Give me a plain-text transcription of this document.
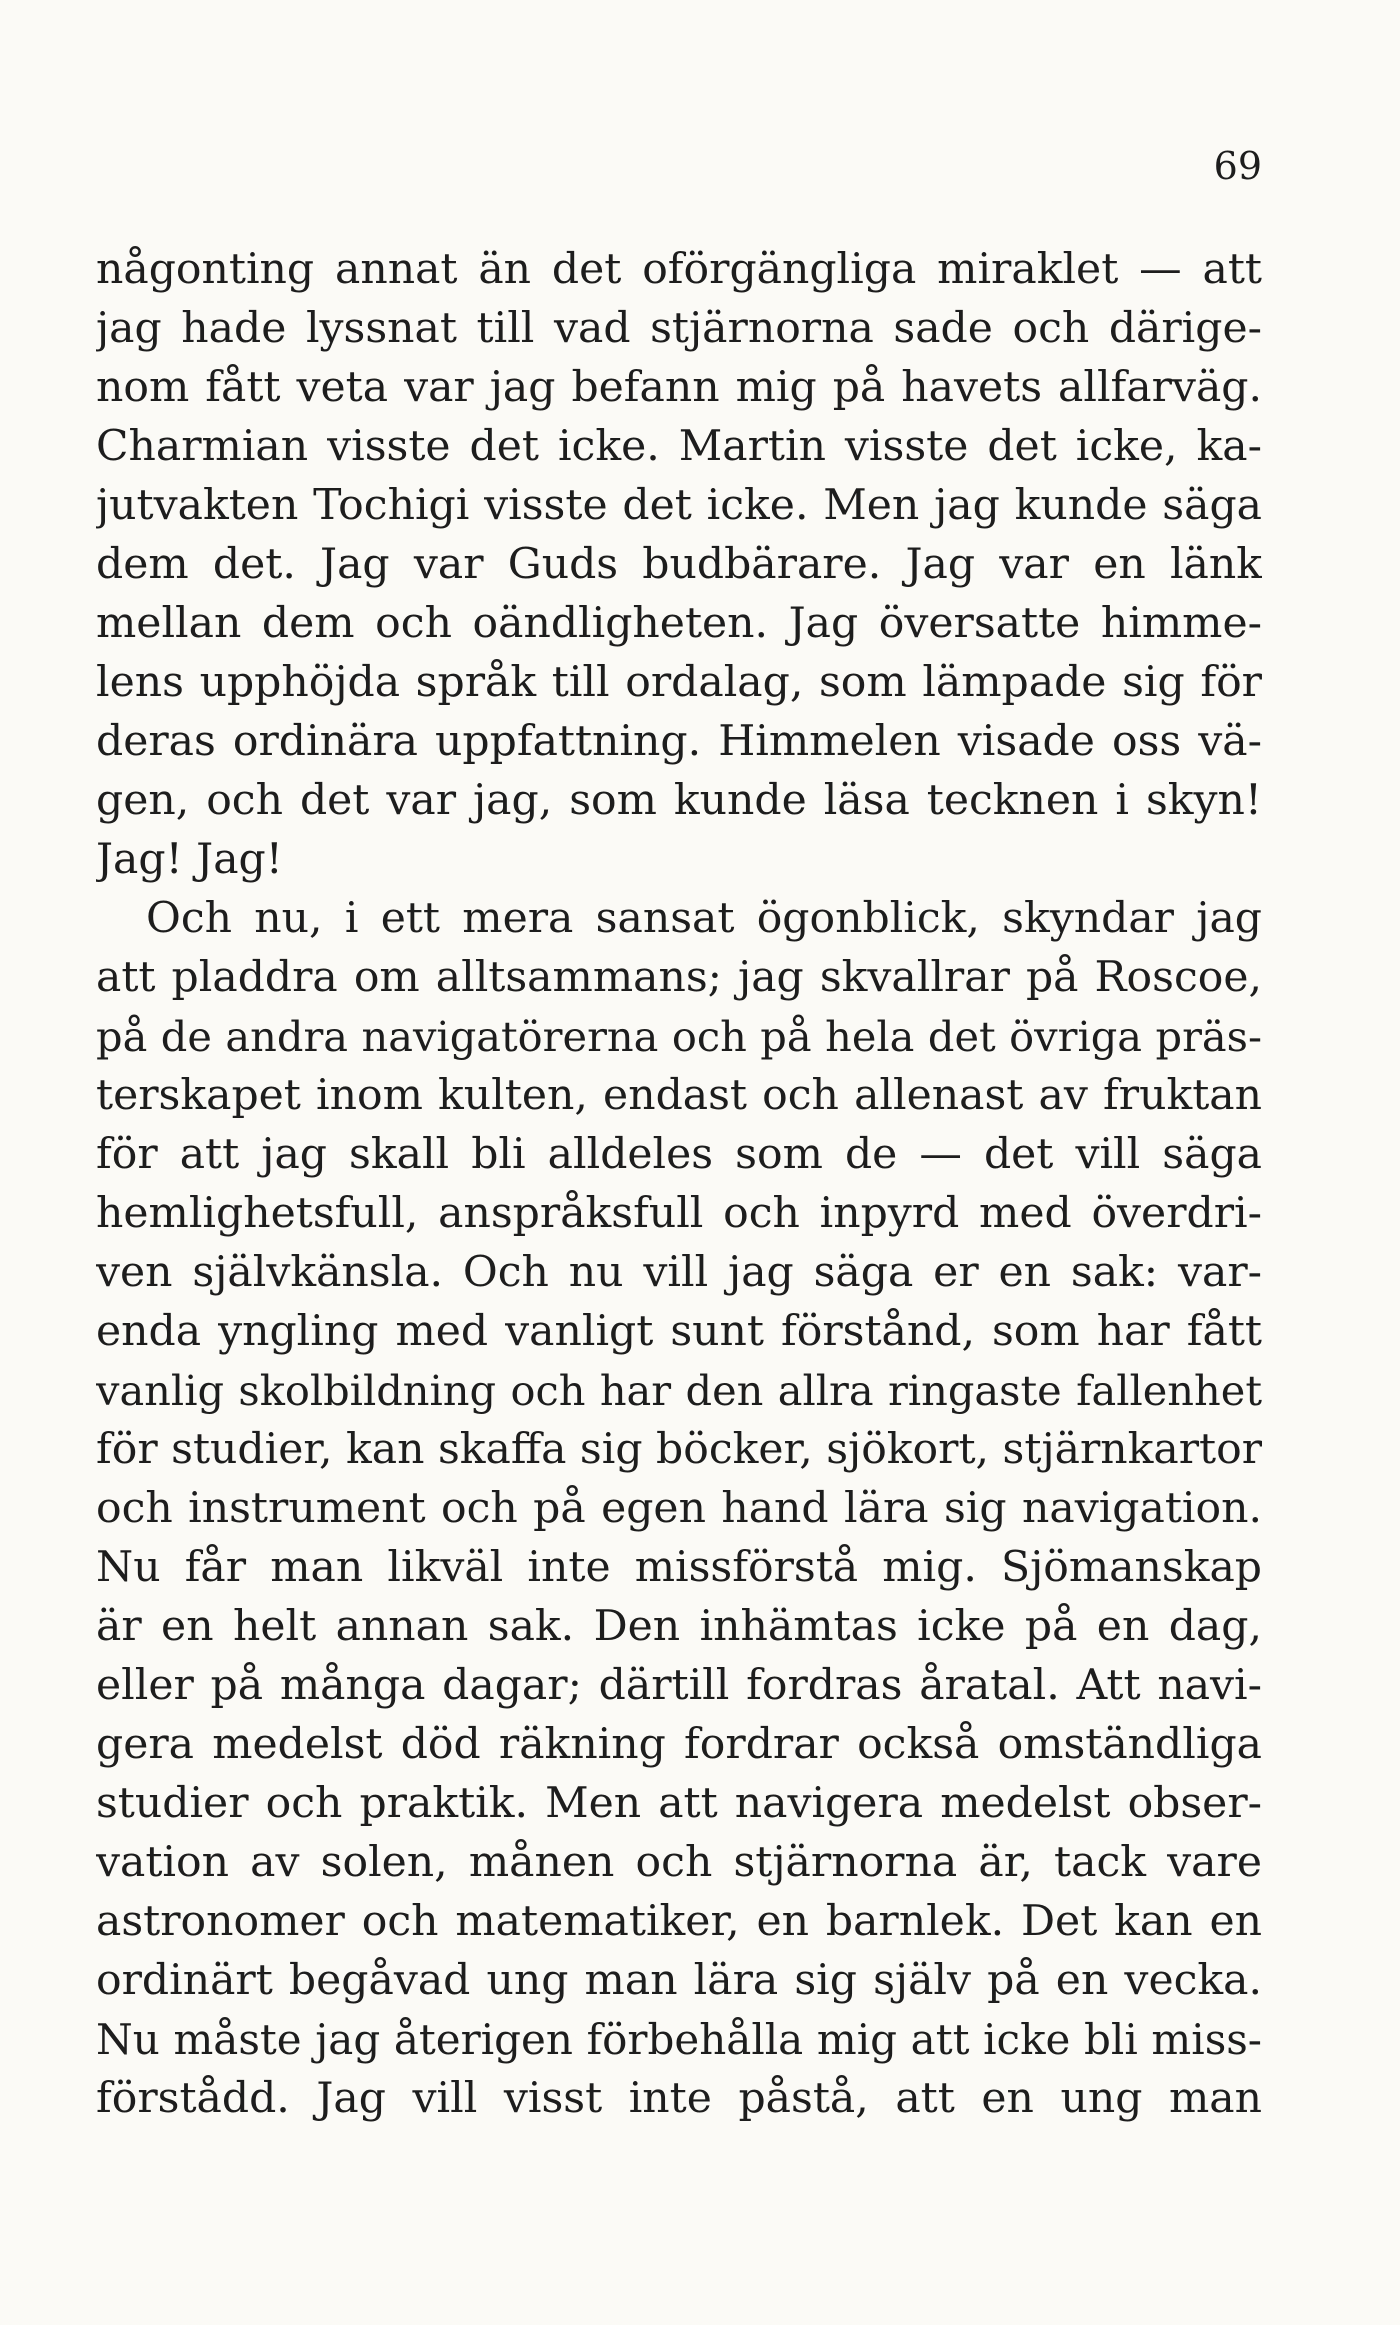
69
någonting annat än det oförgängliga miraklet — att
jag hade lyssnat till vad stjärnorna sade och därige-
nom fått veta var jag befann mig på havets allfarväg.
Charmian visste det icke. Martin visste det icke, ka-
jutvakten Tochigi visste det icke. Men jag kunde säga
dem det. Jag var Guds budbärare. Jag var en länk
mellan dem och oändligheten. Jag översatte himme-
lens upphöjda språk till ordalag, som lämpade sig för
deras ordinära uppfattning. Himmelen visade oss vä-
gen, och det var jag, som kunde läsa tecknen i skyn!
Jag! Jag!
Och nu, i ett mera sansat ögonblick, skyndar jag
att pladdra om alltsammans; jag skvallrar på Roscoe,
på de andra navigatörerna och på hela det övriga präs-
terskapet inom kulten, endast och allenast av fruktan
för att jag skall bli alldeles som de — det vill säga
hemlighetsfull, anspråksfull och inpyrd med överdri-
ven självkänsla. Och nu vill jag säga er en sak: var-
enda yngling med vanligt sunt förstånd, som har fått
vanlig skolbildning och har den allra ringaste fallenhet
för studier, kan skaffa sig böcker, sjökort, stjärnkartor
och instrument och på egen hand lära sig navigation.
Nu får man likväl inte missförstå mig. Sjömanskap
är en helt annan sak. Den inhämtas icke på en dag,
eller på många dagar; därtill fordras åratal. Att navi-
gera medelst död räkning fordrar också omständliga
studier och praktik. Men att navigera medelst obser-
vation av solen, månen och stjärnorna är, tack vare
astronomer och matematiker, en barnlek. Det kan en
ordinärt begåvad ung man lära sig själv på en vecka.
Nu måste jag återigen förbehålla mig att icke bli miss-
förstådd. Jag vill visst inte påstå, att en ung man
